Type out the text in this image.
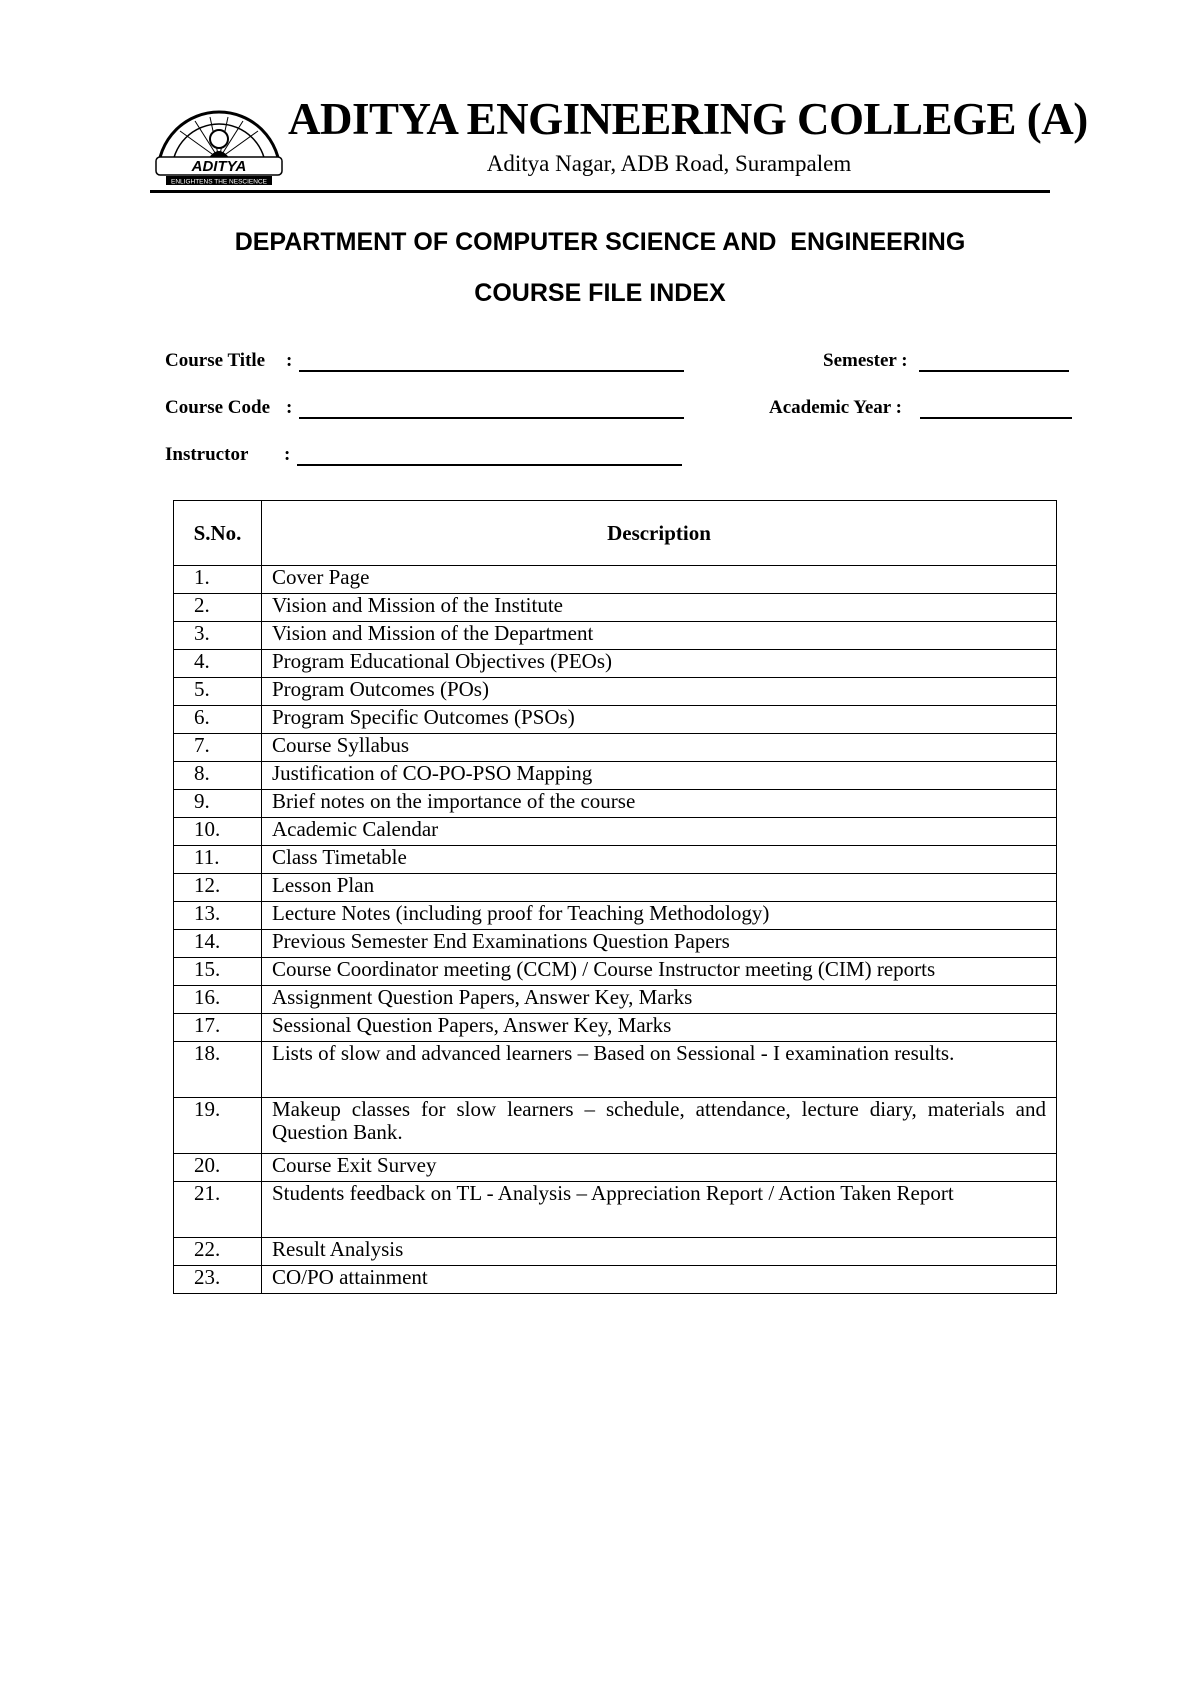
ADITYA
ENLIGHTENS THE NESCIENCE
ADITYA ENGINEERING COLLEGE (A)
Aditya Nagar, ADB Road, Surampalem
DEPARTMENT OF COMPUTER SCIENCE AND  ENGINEERING
COURSE FILE INDEX
Course Title :	Semester :
Course Code :	Academic Year :
Instructor :
S.No.	Description
1.	Cover Page
2.	Vision and Mission of the Institute
3.	Vision and Mission of the Department
4.	Program Educational Objectives (PEOs)
5.	Program Outcomes (POs)
6.	Program Specific Outcomes (PSOs)
7.	Course Syllabus
8.	Justification of CO-PO-PSO Mapping
9.	Brief notes on the importance of the course
10.	Academic Calendar
11.	Class Timetable
12.	Lesson Plan
13.	Lecture Notes (including proof for Teaching Methodology)
14.	Previous Semester End Examinations Question Papers
15.	Course Coordinator meeting (CCM) / Course Instructor meeting (CIM) reports
16.	Assignment Question Papers, Answer Key, Marks
17.	Sessional Question Papers, Answer Key, Marks
18.	Lists of slow and advanced learners – Based on Sessional - I examination results.
19.	Makeup classes for slow learners – schedule, attendance, lecture diary, materials and Question Bank.
20.	Course Exit Survey
21.	Students feedback on TL - Analysis – Appreciation Report / Action Taken Report
22.	Result Analysis
23.	CO/PO attainment
